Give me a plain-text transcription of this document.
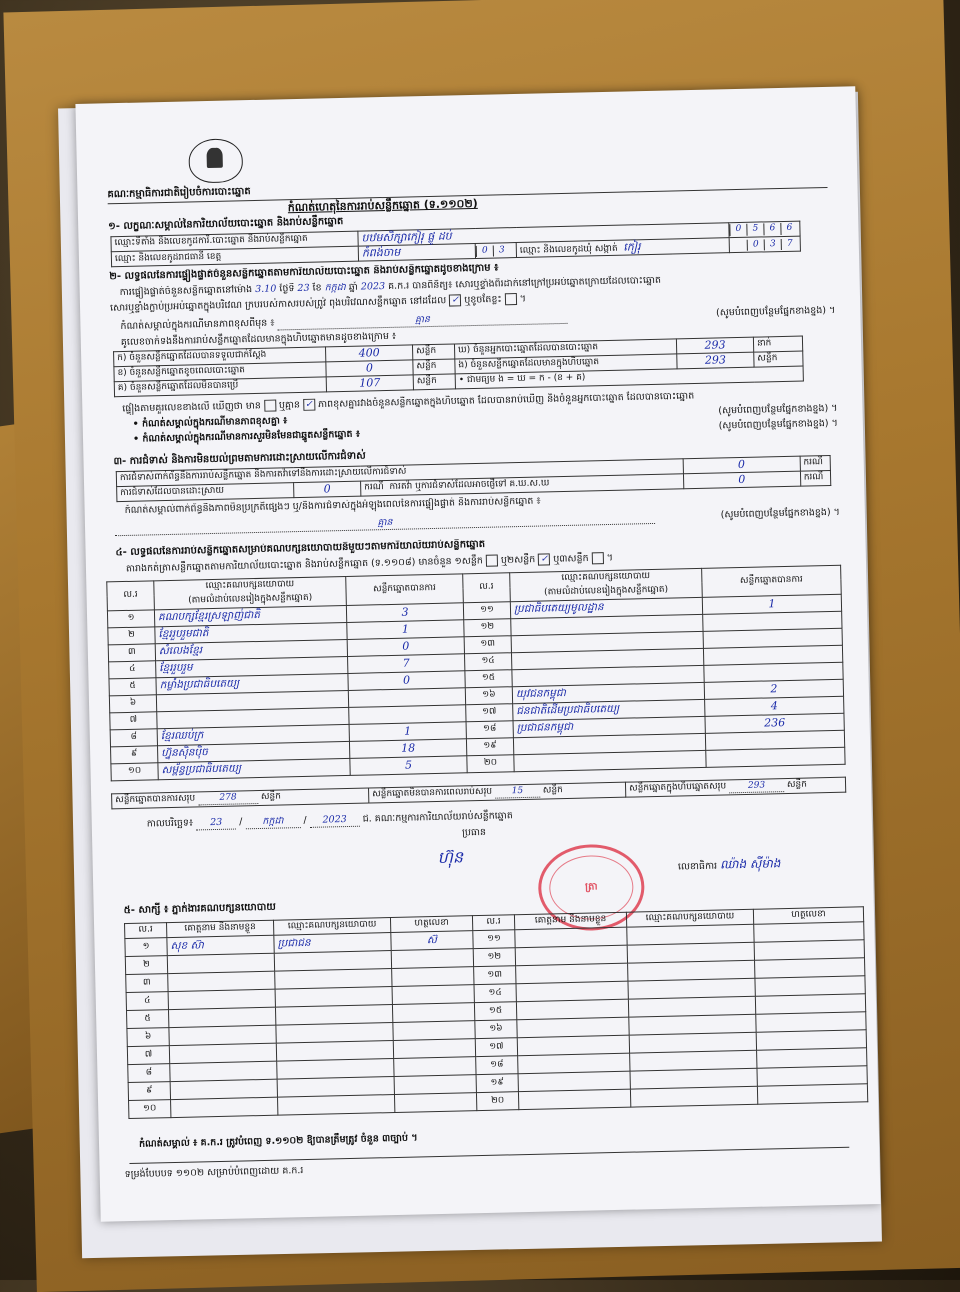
គណៈកម្មាធិការជាតិរៀបចំការបោះឆ្នោត
កំណត់ហេតុនៃការរាប់សន្លឹកឆ្នោត (ទ.១១០២)
១- លក្ខណៈសម្គាល់នៃការិយាល័យបោះឆ្នោត និងរាប់សន្លឹកឆ្នោត
ឈ្មោះទីតាំង និងលេខកូដការិ.បោះឆ្នោត និងរាប់សន្លឹកឆ្នោត	បឋមសិក្សាកៀរុ ផ្លូ ដប់			0 5 6 6
ឈ្មោះ និងលេខកូដរាជធានី ខេត្ត	កំពង់ចាម	0 3	ឈ្មោះ និងលេខកូដឃុំ សង្កាត់ កៀរុ	0 3 7
២- លទ្ធផលនៃការផ្ទៀងផ្ទាត់ចំនួនសន្លឹកឆ្នោតតាមការិយាល័យបោះឆ្នោត និងរាប់សន្លឹកឆ្នោតដូចខាងក្រោម ៖
ការផ្ទៀងផ្ទាត់ចំនួនសន្លឹកឆ្នោតនៅម៉ោង 3.10 ថ្ងៃទី 23 ខែ កក្កដា ឆ្នាំ 2023 គ.ក.រ បានពិនិត្យ៖ សោរឬខ្ទាំងពីរដាក់នៅក្រៅប្រអប់ឆ្នោតក្រោយដែលបោះឆ្នោត
សោរឬខ្ទាំងក្លាប់ប្រអប់ឆ្នោតក្នុងបរិវេណ ក្របរបស់កាសរបស់ព្រូវ់ ពុងបរិវេណសន្លឹកឆ្នោត នៅដដែល ✓ ឬខូចតែខ្លះ  ។
កំណត់សម្គាល់ក្នុងករណីមានភាពខុសពីមុន ៖	គ្មាន
(សូមបំពេញបន្ថែមផ្នែកខាងខ្នង) ។
គូលេខចាក់ទងនឹងការរាប់សន្លឹកឆ្នោតដែលមានក្នុងហិបឆ្នោតមានដូចខាងក្រោម ៖
ក) ចំនួនសន្លឹកឆ្នោតដែលបានទទួលជាក់ស្តែង	400	សន្លឹក	ឃ) ចំនួនអ្នកបោះឆ្នោតដែលបានបោះឆ្នោត	293	នាក់
ខ) ចំនួនសន្លឹកឆ្នោតខូចពេលបោះឆ្នោត	0	សន្លឹក	ង) ចំនួនសន្លឹកឆ្នោតដែលមានក្នុងហិបឆ្នោត	293	សន្លឹក
គ) ចំនួនសន្លឹកឆ្នោតដែលមិនបានប្រើ	107	សន្លឹក	• ជាមធ្យម ង = ឃ = ក - (ខ + គ)		
ផ្ទៀងតាមគួរលេខខាងលើ ឃើញថា មាន ឬគ្មាន ✓ ភាពខុសគ្នារវាងចំនួនសន្លឹកឆ្នោតក្នុងហិបឆ្នោត ដែលបានរាប់ឃើញ និងចំនួនអ្នកបោះឆ្នោត ដែលបានបោះឆ្នោត
• កំណត់សម្គាល់ក្នុងករណីមានភាពខុសគ្នា ៖
(សូមបំពេញបន្ថែមផ្នែកខាងខ្នង) ។
• កំណត់សម្គាល់ក្នុងករណីមានការសួរមិនមែនជាឆ្នូតសន្លឹកឆ្នោត ៖
(សូមបំពេញបន្ថែមផ្នែកខាងខ្នង) ។
៣- ការជំទាស់ និងការមិនយល់ព្រមតាមការដោះស្រាយលើការជំទាស់
ការជំទាស់ពាក់ព័ន្ធនឹងការរាប់សន្លឹកឆ្នោត និងការតវ៉ាទៅនឹងការដោះស្រាយលើការជំទាស់			0	ករណី
ការជំទាស់ដែលបានដោះស្រាយ	0	ករណី ការតវ៉ា ឬការជំទាស់ដែលអាចផ្ញើទៅ គ.ឃ.ស.ឃ	0	ករណី
កំណត់សម្គាល់ពាក់ព័ន្ធនឹងភាពមិនប្រក្រតីផ្សេងៗ ឬ/និងការជំទាស់ក្នុងអំឡុងពេលនៃការផ្ទៀងផ្ទាត់ និងការរាប់សន្លឹកឆ្នោត ៖
គ្មាន
(សូមបំពេញបន្ថែមផ្នែកខាងខ្នង) ។
៤- លទ្ធផលនៃការរាប់សន្លឹកឆ្នោតសម្រាប់គណបក្សនយោបាយនីមួយៗតាមការិយាល័យរាប់សន្លឹកឆ្នោត
តារាងកត់ត្រាសន្លឹកឆ្នោតតាមការិយាល័យបោះឆ្នោត និងរាប់សន្លឹកឆ្នោត (ទ.១១០៨) មានចំនួន ១សន្លឹក ឬ២សន្លឹក ✓ ឬ៣សន្លឹក  ។
ល.រ	ឈ្មោះគណបក្សនយោបាយ	សន្លឹកឆ្នោតបានការ	ល.រ	ឈ្មោះគណបក្សនយោបាយ	សន្លឹកឆ្នោតបានការ
	(តាមលំដាប់លេខរៀងក្នុងសន្លឹកឆ្នោត)			(តាមលំដាប់លេខរៀងក្នុងសន្លឹកឆ្នោត)	
១	គណបក្សខ្មែរស្រឡាញ់ជាតិ	3	១១	ប្រជាធិបតេយ្យមូលដ្ឋាន	1
២	ខ្មែររួបរួមជាតិ	1	១២		
៣	សំលេងខ្មែរ	0	១៣		
៤	ខ្មែររួបរួម	7	១៤		
៥	កម្លាំងប្រជាធិបតេយ្យ	0	១៥		
៦			១៦	យុវជនកម្ពុជា	2
៧			១៧	ជនជាតិដើមប្រជាធិបតេយ្យ	4
៨	ខ្មែរឈប់ក្រ	1	១៨	ប្រជាជនកម្ពុជា	236
៩	ហ្វ៊ុនស៊ិនប៉ិច	18	១៩		
១០	សម្ព័ន្ធប្រជាធិបតេយ្យ	5	២០		
សន្លឹកឆ្នោតបានការសរុប	278	សន្លឹក	សន្លឹកឆ្នោតមិនបានការពេលរាប់សរុប 15 សន្លឹក	សន្លឹកឆ្នោតក្នុងហិបឆ្នោតសរុប 293 សន្លឹក
កាលបរិច្ឆេទ៖ 23 / កក្កដា / 2023 ជ. គណៈកម្មការការិយាល័យរាប់សន្លឹកឆ្នោត
ប្រធាន
ហ៊ុន
ត្រា
លេខាធិការ ឈ៉ាង ស៊ីម៉ាង
៥- សាក្សី ៖ ភ្នាក់ងារគណបក្សនយោបាយ
ល.រ	គោត្តនាម និងនាមខ្លួន	ឈ្មោះគណបក្សនយោបាយ	ហត្ថលេខា	ល.រ	គោត្តនាម និងនាមខ្លួន	ឈ្មោះគណបក្សនយោបាយ	ហត្ថលេខា
១	សុខ ស៊ា	ប្រជាជន	ស៊	១១			
២				១២			
៣				១៣			
៤				១៤			
៥				១៥			
៦				១៦			
៧				១៧			
៨				១៨			
៩				១៩			
១០				២០			
កំណត់សម្គាល់ ៖ គ.ក.រ ត្រូវបំពេញ ទ.១១០២ ឱ្យបានត្រឹមត្រូវ ចំនួន ៣ច្បាប់ ។
ទម្រង់បែបបទ ១១០២ សម្រាប់បំពេញដោយ គ.ក.រ
